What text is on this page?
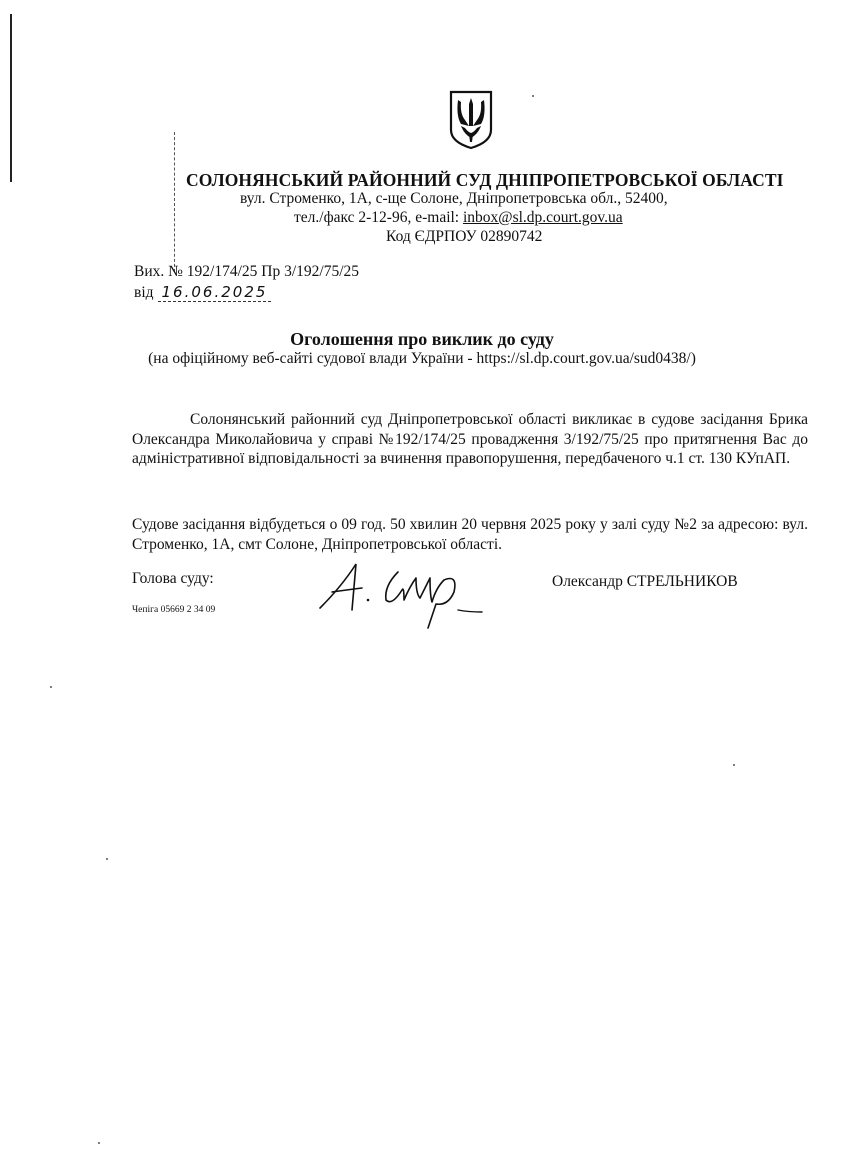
СОЛОНЯНСЬКИЙ РАЙОННИЙ СУД ДНІПРОПЕТРОВСЬКОЇ ОБЛАСТІ
вул. Строменко, 1А, с-ще Солоне, Дніпропетровська обл., 52400,
тел./факс 2-12-96, e-mail: inbox@sl.dp.court.gov.ua
Код ЄДРПОУ 02890742
Вих. № 192/174/25 Пр 3/192/75/25
від 16.06.2025
Оголошення про виклик до суду
(на офіційному веб-сайті судової влади України - https://sl.dp.court.gov.ua/sud0438/)
Солонянський районний суд Дніпропетровської області викликає в судове засідання Брика Олександра Миколайовича у справі №192/174/25 провадження 3/192/75/25 про притягнення Вас до адміністративної відповідальності за вчинення правопорушення, передбаченого ч.1 ст. 130 КУпАП.
Судове засідання відбудеться о 09 год. 50 хвилин 20 червня 2025 року у залі суду №2 за адресою: вул. Строменко, 1А, смт Солоне, Дніпропетровської області.
Голова суду:	Олександр СТРЕЛЬНИКОВ
Чепіга 05669 2 34 09
